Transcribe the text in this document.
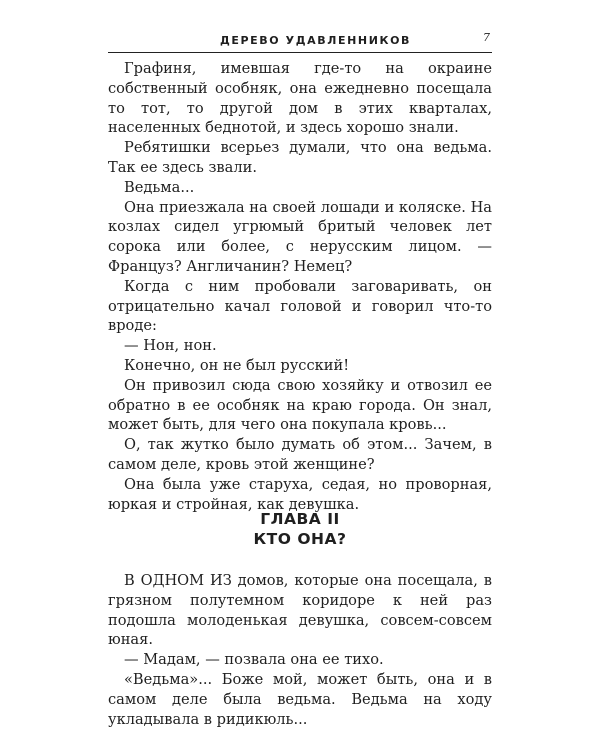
ДЕРЕВО УДАВЛЕННИКОВ	7

Графиня, имевшая где-то на окраине собственный особняк, она ежедневно посещала то тот, то другой дом в этих кварталах, населенных беднотой, и здесь хорошо знали.

Ребятишки всерьез думали, что она ведьма. Так ее здесь звали.

Ведьма...

Она приезжала на своей лошади и коляске. На козлах сидел угрюмый бритый человек лет сорока или более, с нерусским лицом. — Француз? Англичанин? Немец?

Когда с ним пробовали заговаривать, он отрицательно качал головой и говорил что-то вроде:

— Нон, нон.

Конечно, он не был русский!

Он привозил сюда свою хозяйку и отвозил ее обратно в ее особняк на краю города. Он знал, может быть, для чего она покупала кровь...

О, так жутко было думать об этом... Зачем, в самом деле, кровь этой женщине?

Она была уже старуха, седая, но проворная, юркая и стройная, как девушка.

ГЛАВА II
КТО ОНА?

В ОДНОМ ИЗ домов, которые она посещала, в грязном полутемном коридоре к ней раз подошла молоденькая девушка, совсем-совсем юная.

— Мадам, — позвала она ее тихо.

«Ведьма»... Боже мой, может быть, она и в самом деле была ведьма. Ведьма на ходу укладывала в ридикюль...
